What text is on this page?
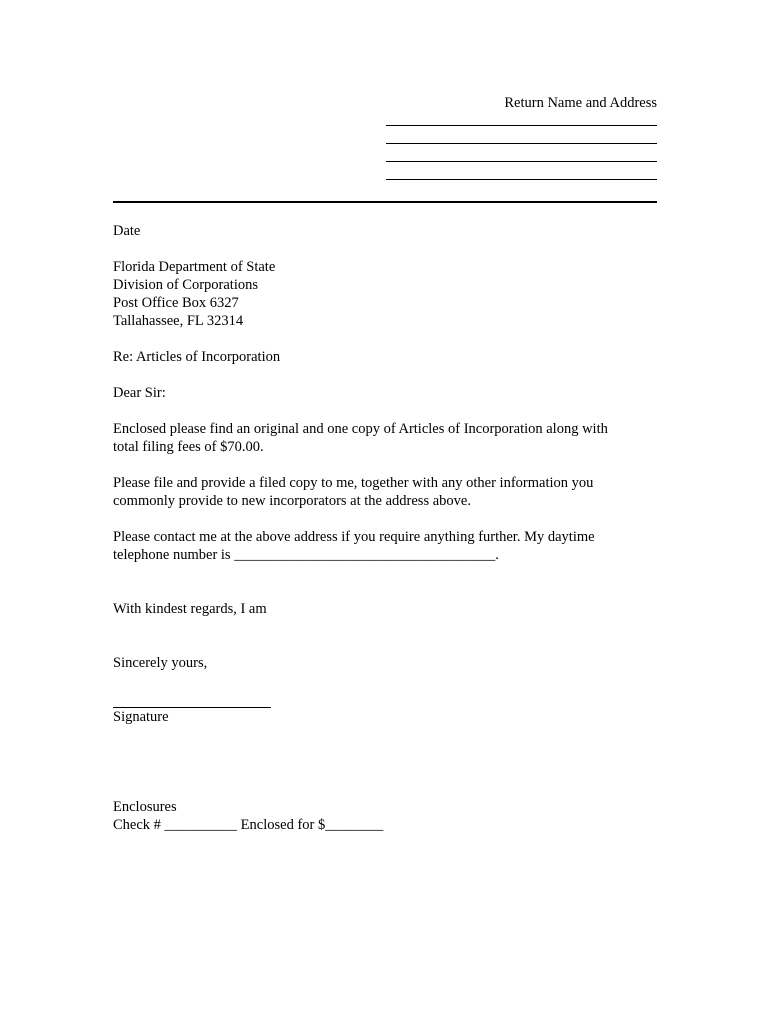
Return Name and Address

Date

Florida Department of State

Division of Corporations

Post Office Box 6327

Tallahassee, FL 32314

Re: Articles of Incorporation

Dear Sir:

Enclosed please find an original and one copy of Articles of Incorporation along with

total filing fees of $70.00.

Please file and provide a filed copy to me, together with any other information you

commonly provide to new incorporators at the address above.

Please contact me at the above address if you require anything further. My daytime

telephone number is ____________________________________.

With kindest regards, I am

Sincerely yours,

Signature

Enclosures

Check # __________ Enclosed for $________
